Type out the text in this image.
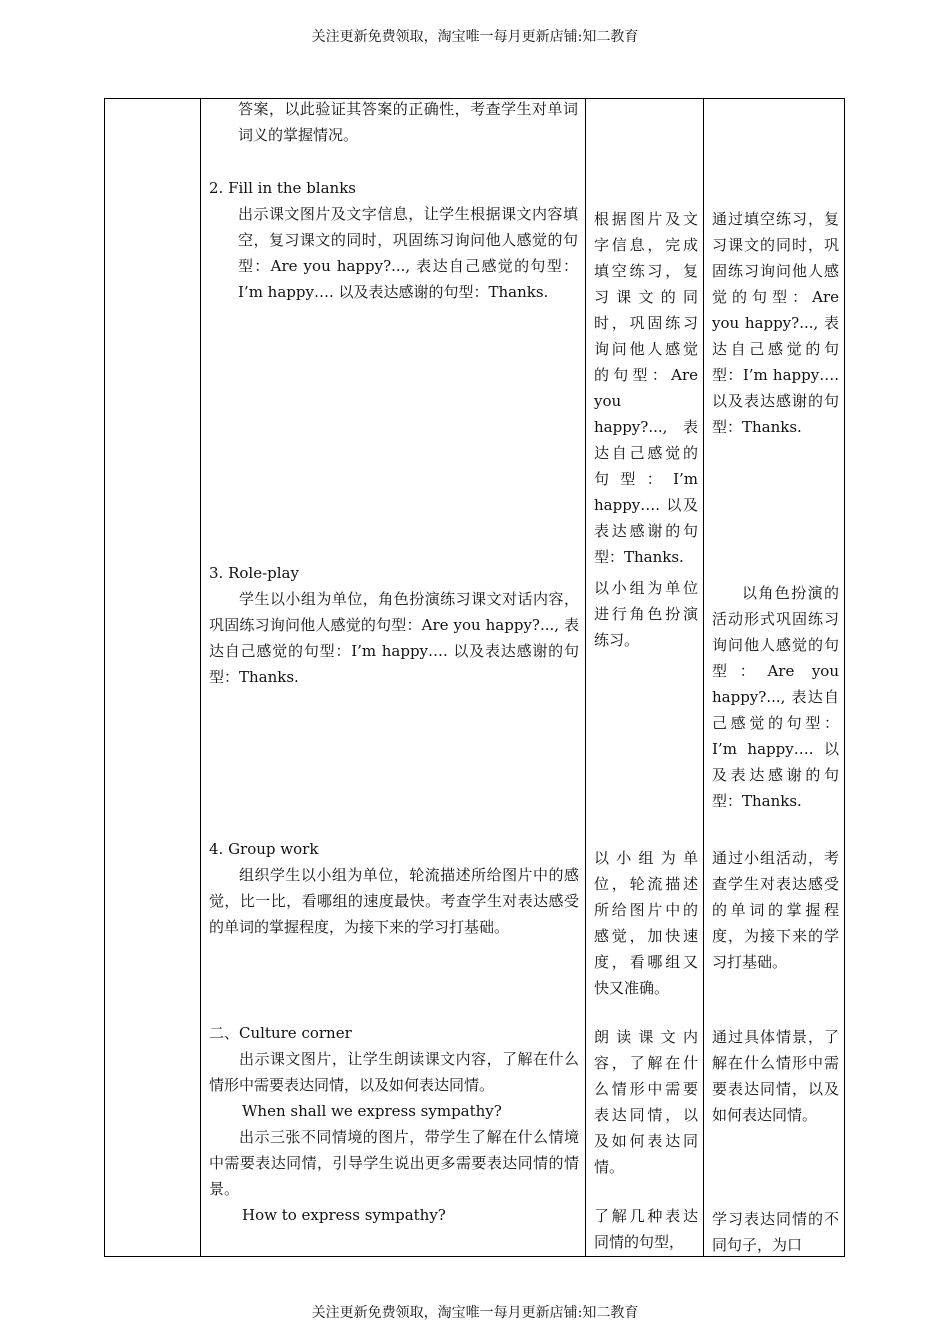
关注更新免费领取，淘宝唯一每月更新店铺:知二教育

答案，以此验证其答案的正确性，考查学生对单词词义的掌握情况。

2. Fill in the blanks

出示课文图片及文字信息，让学生根据课文内容填空，复习课文的同时，巩固练习询问他人感觉的句型：Are you happy?..., 表达自己感觉的句型：I’m happy…. 以及表达感谢的句型：Thanks.

根据图片及文字信息，完成填空练习，复习课文的同时，巩固练习询问他人感觉的句型：Are you happy?..., 表达自己感觉的句型：I’m happy…. 以及表达感谢的句型：Thanks.
通过填空练习，复习课文的同时，巩固练习询问他人感觉的句型：Are you happy?..., 表达自己感觉的句型：I’m happy…. 以及表达感谢的句型：Thanks.
3. Role-play

学生以小组为单位，角色扮演练习课文对话内容，巩固练习询问他人感觉的句型：Are you happy?..., 表达自己感觉的句型：I’m happy…. 以及表达感谢的句型：Thanks.

以小组为单位进行角色扮演练习。
以角色扮演的活动形式巩固练习询问他人感觉的句型：Are you happy?..., 表达自己感觉的句型：I’m happy…. 以及表达感谢的句型：Thanks.
4. Group work

组织学生以小组为单位，轮流描述所给图片中的感觉，比一比，看哪组的速度最快。考查学生对表达感受的单词的掌握程度，为接下来的学习打基础。

以小组为单位，轮流描述所给图片中的感觉，加快速度，看哪组又快又准确。
通过小组活动，考查学生对表达感受的单词的掌握程度，为接下来的学习打基础。
二、Culture corner

出示课文图片，让学生朗读课文内容，了解在什么情形中需要表达同情，以及如何表达同情。

When shall we express sympathy?

出示三张不同情境的图片，带学生了解在什么情境中需要表达同情，引导学生说出更多需要表达同情的情景。

How to express sympathy?

朗读课文内容，了解在什么情形中需要表达同情，以及如何表达同情。
通过具体情景，了解在什么情形中需要表达同情，以及如何表达同情。
了解几种表达同情的句型，
学习表达同情的不同句子，为口
关注更新免费领取，淘宝唯一每月更新店铺:知二教育
